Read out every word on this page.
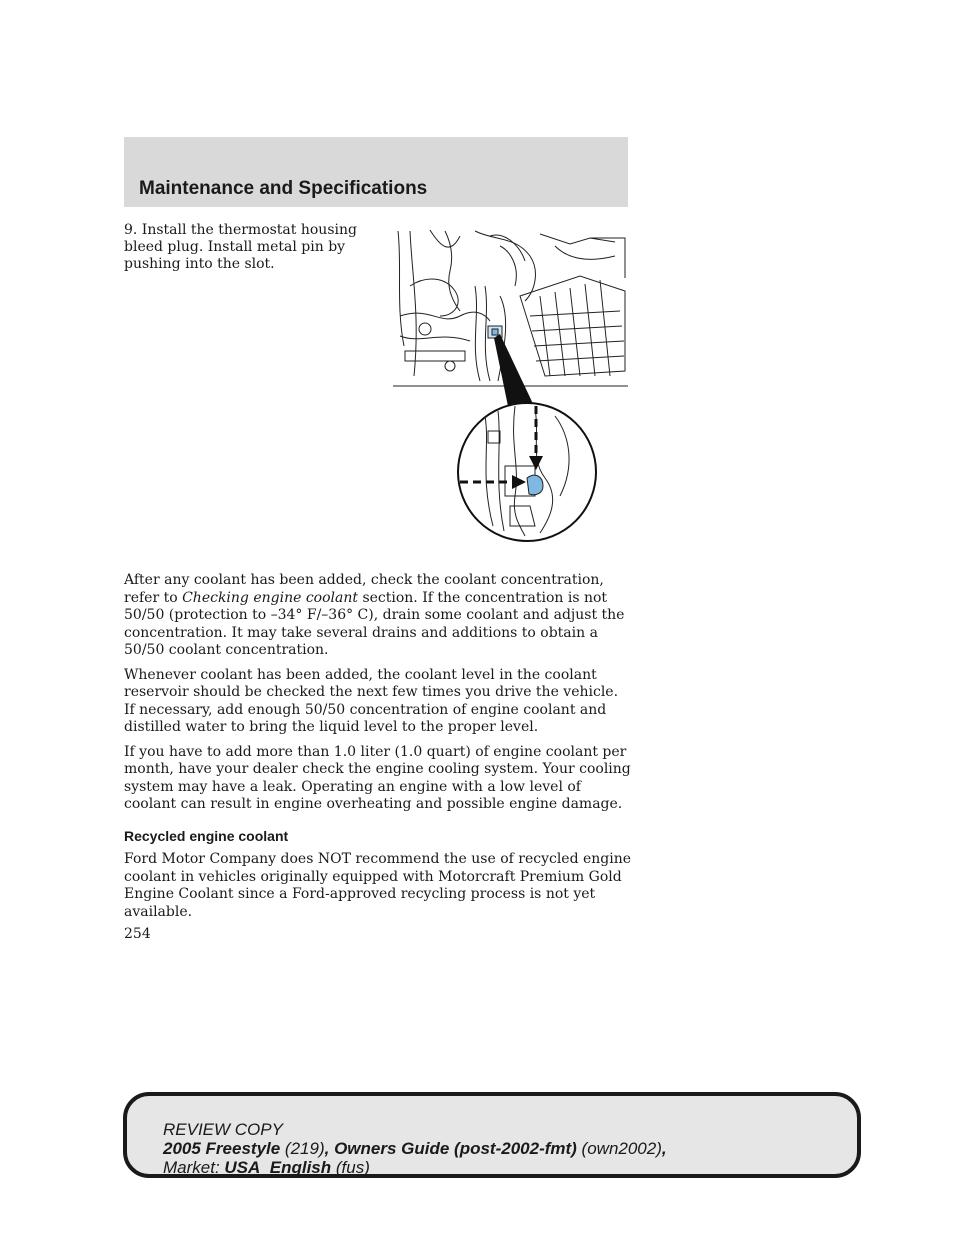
Maintenance and Specifications

9. Install the thermostat housing bleed plug. Install metal pin by pushing into the slot.

After any coolant has been added, check the coolant concentration, refer to Checking engine coolant section. If the concentration is not 50/50 (protection to –34° F/–36° C), drain some coolant and adjust the concentration. It may take several drains and additions to obtain a 50/50 coolant concentration.

Whenever coolant has been added, the coolant level in the coolant reservoir should be checked the next few times you drive the vehicle. If necessary, add enough 50/50 concentration of engine coolant and distilled water to bring the liquid level to the proper level.

If you have to add more than 1.0 liter (1.0 quart) of engine coolant per month, have your dealer check the engine cooling system. Your cooling system may have a leak. Operating an engine with a low level of coolant can result in engine overheating and possible engine damage.

Recycled engine coolant

Ford Motor Company does NOT recommend the use of recycled engine coolant in vehicles originally equipped with Motorcraft Premium Gold Engine Coolant since a Ford-approved recycling process is not yet available.

254
REVIEW COPY
2005 Freestyle (219), Owners Guide (post-2002-fmt) (own2002),
Market: USA_English (fus)
